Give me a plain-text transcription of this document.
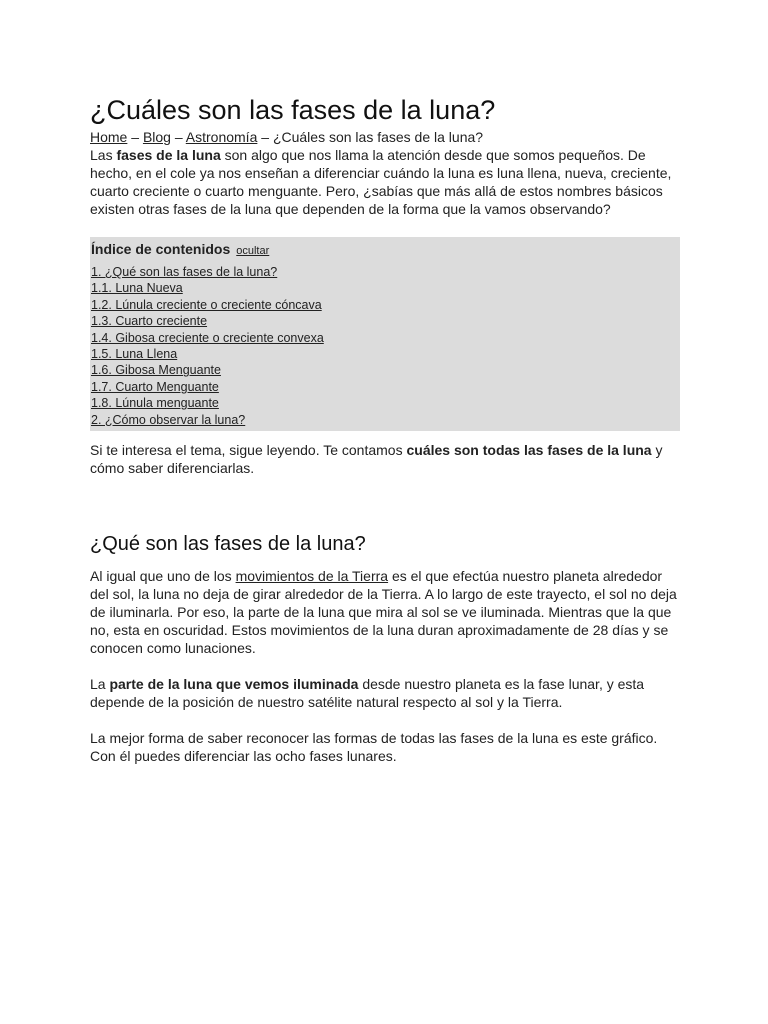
¿Cuáles son las fases de la luna?
Home – Blog – Astronomía – ¿Cuáles son las fases de la luna?

Las fases de la luna son algo que nos llama la atención desde que somos pequeños. De hecho, en el cole ya nos enseñan a diferenciar cuándo la luna es luna llena, nueva, creciente, cuarto creciente o cuarto menguante. Pero, ¿sabías que más allá de estos nombres básicos existen otras fases de la luna que dependen de la forma que la vamos observando?

Índice de contenidos ocultar
1. ¿Qué son las fases de la luna?
1.1. Luna Nueva
1.2. Lúnula creciente o creciente cóncava
1.3. Cuarto creciente
1.4. Gibosa creciente o creciente convexa
1.5. Luna Llena
1.6. Gibosa Menguante
1.7. Cuarto Menguante
1.8. Lúnula menguante
2. ¿Cómo observar la luna?

Si te interesa el tema, sigue leyendo. Te contamos cuáles son todas las fases de la luna y cómo saber diferenciarlas.

¿Qué son las fases de la luna?

Al igual que uno de los movimientos de la Tierra es el que efectúa nuestro planeta alrededor del sol, la luna no deja de girar alrededor de la Tierra. A lo largo de este trayecto, el sol no deja de iluminarla. Por eso, la parte de la luna que mira al sol se ve iluminada. Mientras que la que no, esta en oscuridad. Estos movimientos de la luna duran aproximadamente de 28 días y se conocen como lunaciones.

La parte de la luna que vemos iluminada desde nuestro planeta es la fase lunar, y esta depende de la posición de nuestro satélite natural respecto al sol y la Tierra.

La mejor forma de saber reconocer las formas de todas las fases de la luna es este gráfico. Con él puedes diferenciar las ocho fases lunares.
